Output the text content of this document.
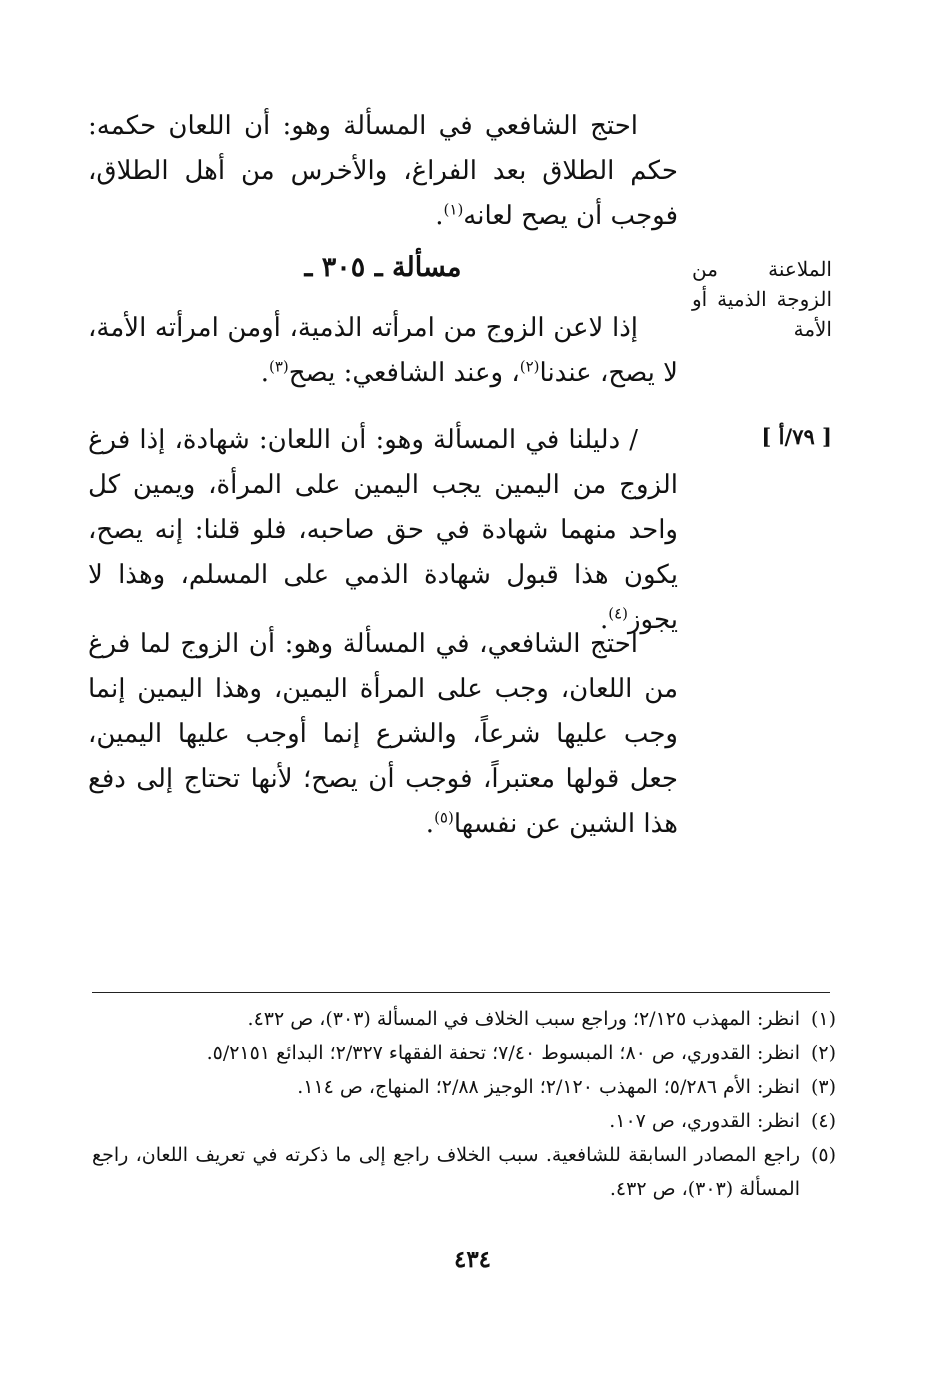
احتج الشافعي في المسألة وهو: أن اللعان حكمه: حكم الطلاق بعد الفراغ، والأخرس من أهل الطلاق، فوجب أن يصح لعانه$^{(١)}$.
مسألة ـ ٣٠٥ ـ	الملاعنة من الزوجة الذمية أو الأمة
إذا لاعن الزوج من امرأته الذمية، أومن امرأته الأمة، لا يصح، عندنا$^{(٢)}$، وعند الشافعي: يصح$^{(٣)}$.
[ ٧٩/أ ]
/ دليلنا في المسألة وهو: أن اللعان: شهادة، إذا فرغ الزوج من اليمين يجب اليمين على المرأة، ويمين كل واحد منهما شهادة في حق صاحبه، فلو قلنا: إنه يصح، يكون هذا قبول شهادة الذمي على المسلم، وهذا لا يجوز$^{(٤)}$.
احتج الشافعي، في المسألة وهو: أن الزوج لما فرغ من اللعان، وجب على المرأة اليمين، وهذا اليمين إنما وجب عليها شرعاً، والشرع إنما أوجب عليها اليمين، جعل قولها معتبراً، فوجب أن يصح؛ لأنها تحتاج إلى دفع هذا الشين عن نفسها$^{(٥)}$.
(١)
انظر: المهذب ٢/١٢٥؛ وراجع سبب الخلاف في المسألة (٣٠٣)، ص ٤٣٢.
(٢)
انظر: القدوري، ص ٨٠؛ المبسوط ٧/٤٠؛ تحفة الفقهاء ٢/٣٢٧؛ البدائع ٥/٢١٥١.
(٣)
انظر: الأم ٥/٢٨٦؛ المهذب ٢/١٢٠؛ الوجيز ٢/٨٨؛ المنهاج، ص ١١٤.
(٤)
انظر: القدوري، ص ١٠٧.
(٥)
راجع المصادر السابقة للشافعية. سبب الخلاف راجع إلى ما ذكرته في تعريف اللعان، راجع المسألة (٣٠٣)، ص ٤٣٢.
٤٣٤
